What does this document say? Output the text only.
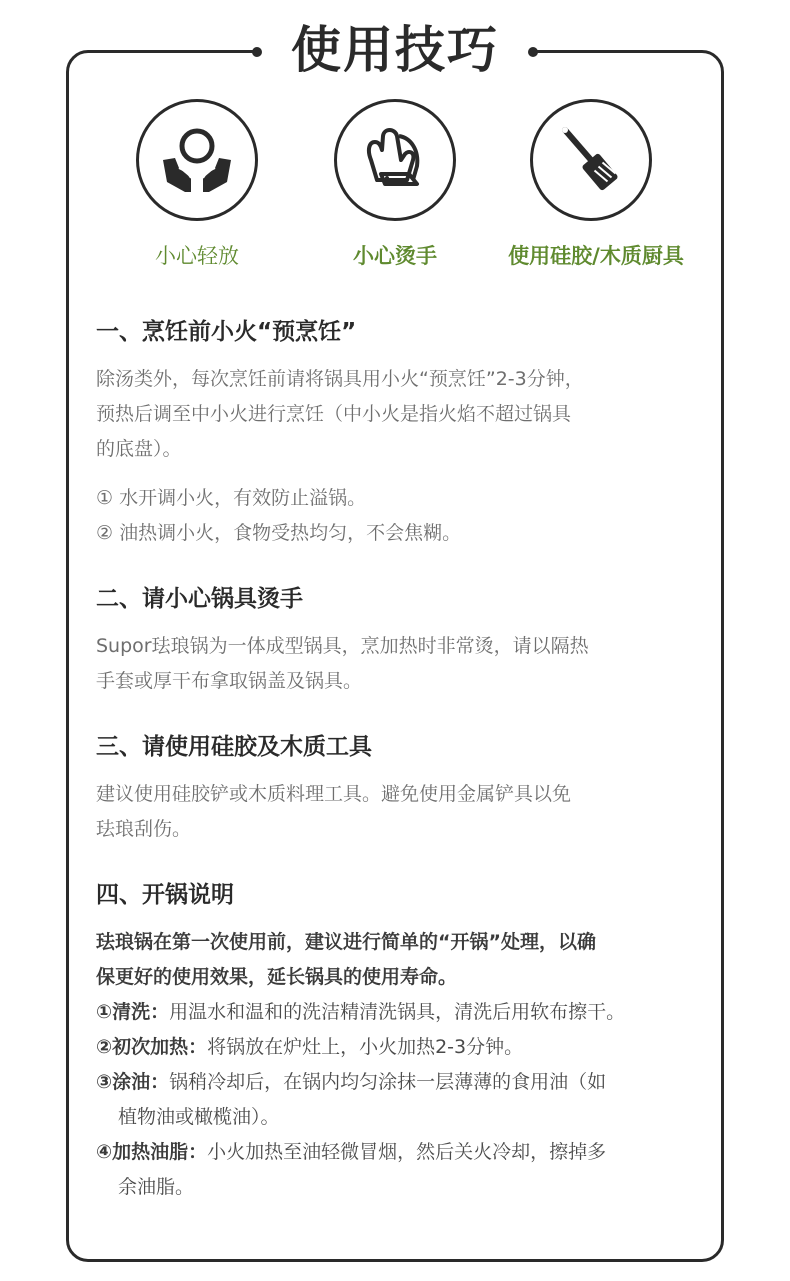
使用技巧
小心轻放	小心烫手	使用硅胶/木质厨具
一、烹饪前小火“预烹饪”
除汤类外，每次烹饪前请将锅具用小火“预烹饪”2-3分钟，
预热后调至中小火进行烹饪（中小火是指火焰不超过锅具
的底盘）。
① 水开调小火，有效防止溢锅。
② 油热调小火，食物受热均匀，不会焦糊。
二、请小心锅具烫手
Supor珐琅锅为一体成型锅具，烹加热时非常烫，请以隔热
手套或厚干布拿取锅盖及锅具。
三、请使用硅胶及木质工具
建议使用硅胶铲或木质料理工具。避免使用金属铲具以免
珐琅刮伤。
四、开锅说明
珐琅锅在第一次使用前，建议进行简单的“开锅”处理，以确
保更好的使用效果，延长锅具的使用寿命。
①清洗：用温水和温和的洗洁精清洗锅具，清洗后用软布擦干。
②初次加热：将锅放在炉灶上，小火加热2-3分钟。
③涂油：锅稍冷却后，在锅内均匀涂抹一层薄薄的食用油（如
植物油或橄榄油）。
④加热油脂：小火加热至油轻微冒烟，然后关火冷却，擦掉多
余油脂。
